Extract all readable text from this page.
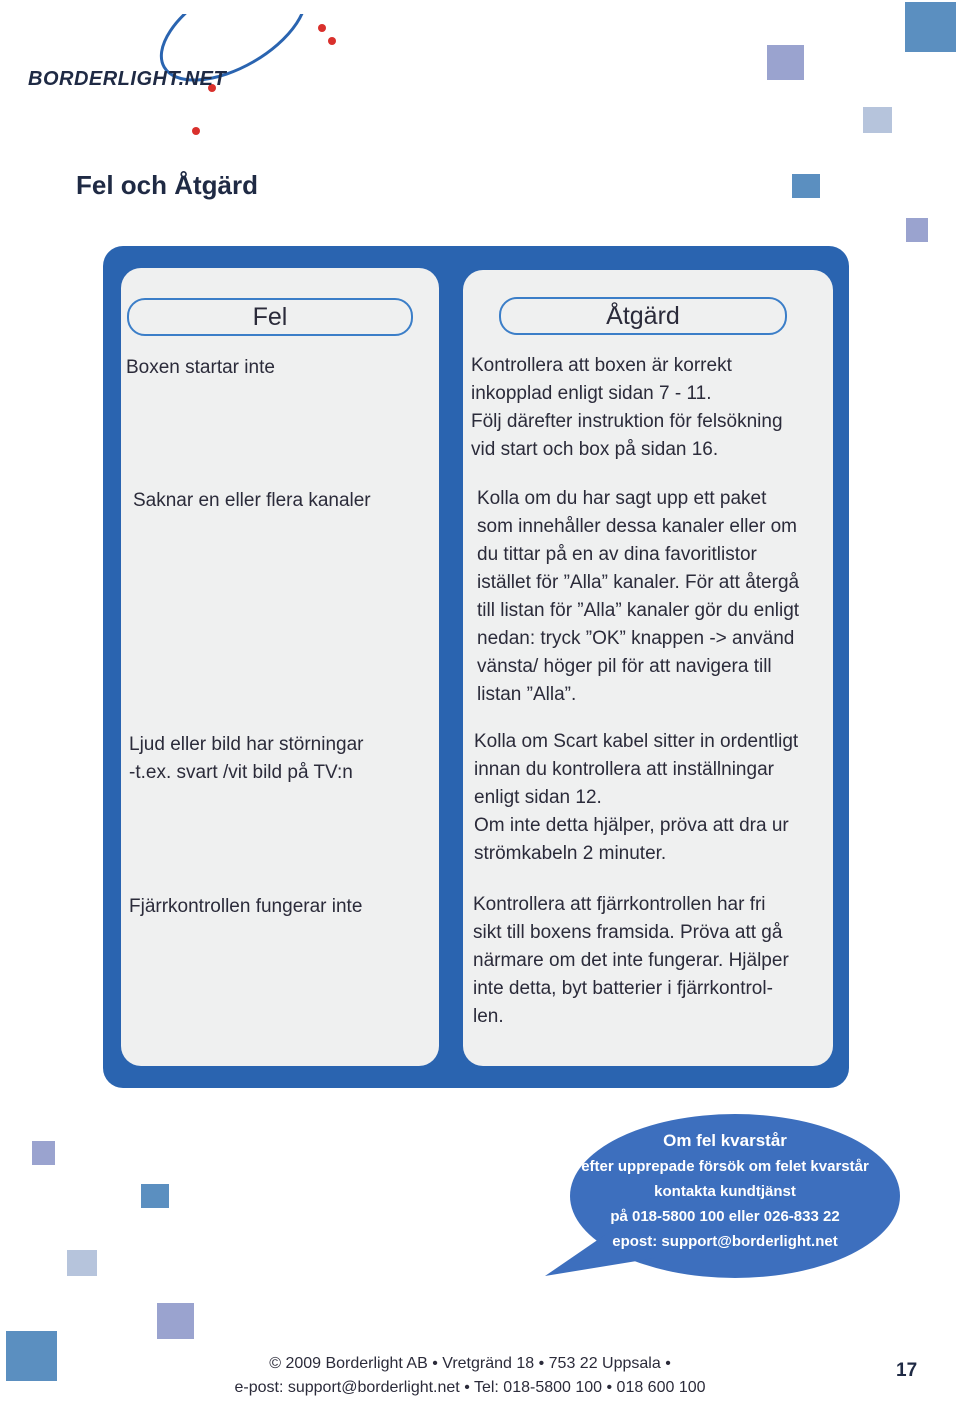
BORDERLIGHT.NET
Fel och Åtgärd
Fel
Boxen startar inte
Saknar en eller flera kanaler
Ljud eller bild har störningar
-t.ex. svart /vit bild på TV:n
Fjärrkontrollen fungerar inte
Åtgärd
Kontrollera att boxen är korrekt
inkopplad enligt sidan 7 - 11.
Följ därefter instruktion för felsökning
vid start och box på sidan 16.
Kolla om du har sagt upp ett paket
som innehåller dessa kanaler eller om
du tittar på en av dina favoritlistor
istället för ”Alla” kanaler. För att återgå
till listan för ”Alla” kanaler gör du enligt
nedan: tryck ”OK” knappen -> använd
vänsta/ höger pil för att navigera till
listan ”Alla”.
Kolla om Scart kabel sitter in ordentligt
innan du kontrollera att inställningar
enligt sidan 12.
Om inte detta hjälper, pröva att dra ur
strömkabeln 2 minuter.
Kontrollera att fjärrkontrollen har fri
sikt till boxens framsida. Pröva att gå
närmare om det inte fungerar. Hjälper
inte detta, byt batterier i fjärrkontrol-
len.
Om fel kvarstår
efter upprepade försök om felet kvarstår
kontakta kundtjänst
på 018-5800 100 eller 026-833 22
epost: support@borderlight.net
© 2009 Borderlight AB • Vretgränd 18 • 753 22 Uppsala •
e-post: support@borderlight.net • Tel: 018-5800 100 • 018 600 100
17
